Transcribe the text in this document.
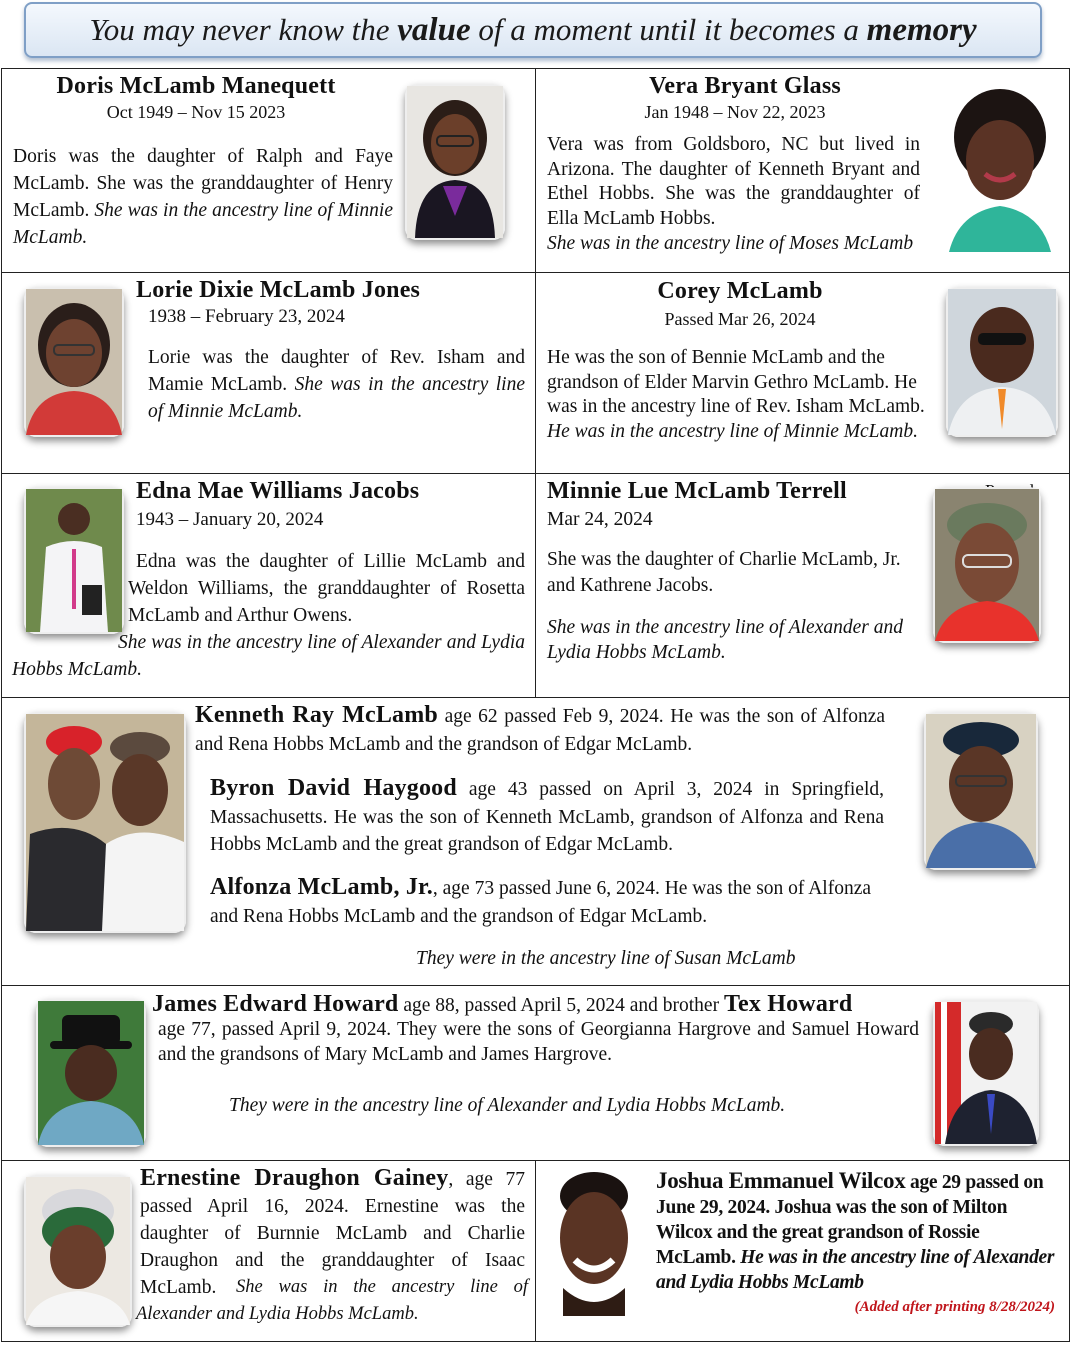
You may never know the
value
of a moment until it becomes a
memory
Doris McLamb Manequett
Oct 1949 – Nov 15 2023
Doris was the daughter of Ralph and Faye McLamb. She was the granddaughter of Henry McLamb. She was in the ancestry line of Minnie McLamb.
Vera Bryant Glass
Jan 1948 – Nov 22, 2023
Vera was from Goldsboro, NC but lived in Arizona. The daughter of Kenneth Bryant and Ethel Hobbs. She was the granddaughter of Ella McLamb Hobbs.
She was in the ancestry line of Moses McLamb
Lorie Dixie McLamb Jones
1938 – February 23, 2024
Lorie was the daughter of Rev. Isham and Mamie McLamb. She was in the ancestry line of Minnie McLamb.
Corey McLamb
Passed Mar 26, 2024
He was the son of Bennie McLamb and the grandson of Elder Marvin Gethro McLamb. He was in the ancestry line of Rev. Isham McLamb. He was in the ancestry line of Minnie McLamb.
Edna Mae Williams Jacobs
1943 – January 20, 2024
Edna was the daughter of Lillie McLamb and Weldon Williams, the granddaughter of Rosetta McLamb and Arthur Owens.
She was in the ancestry line of Alexander and Lydia Hobbs McLamb.
Minnie Lue McLamb Terrell
Mar 24, 2024
She was the daughter of Charlie McLamb, Jr. and Kathrene Jacobs.
She was in the ancestry line of Alexander and Lydia Hobbs McLamb.
Kenneth Ray McLamb age 62 passed Feb 9, 2024. He was the son of Alfonza and Rena Hobbs McLamb and the grandson of Edgar McLamb.
Byron David Haygood age 43 passed on April 3, 2024 in Springfield, Massachusetts. He was the son of Kenneth McLamb, grandson of Alfonza and Rena Hobbs McLamb and the great grandson of Edgar McLamb.
Alfonza McLamb, Jr., age 73 passed June 6, 2024. He was the son of Alfonza and Rena Hobbs McLamb and the grandson of Edgar McLamb.
They were in the ancestry line of Susan McLamb
James Edward Howard age 88, passed April 5, 2024 and brother Tex Howard
age 77, passed April 9, 2024. They were the sons of Georgianna Hargrove and Samuel Howard and the grandsons of Mary McLamb and James Hargrove.
They were in the ancestry line of Alexander and Lydia Hobbs McLamb.
Ernestine Draughon Gainey, age 77 passed April 16, 2024. Ernestine was the daughter of Burnnie McLamb and Charlie Draughon and the granddaughter of Isaac McLamb.	She was in the ancestry line of Alexander and Lydia Hobbs McLamb.
Joshua Emmanuel Wilcox age 29 passed on June 29, 2024. Joshua was the son of Milton Wilcox and the great grandson of Rossie McLamb. He was in the ancestry line of Alexander and Lydia Hobbs McLamb
(Added after printing 8/28/2024)
